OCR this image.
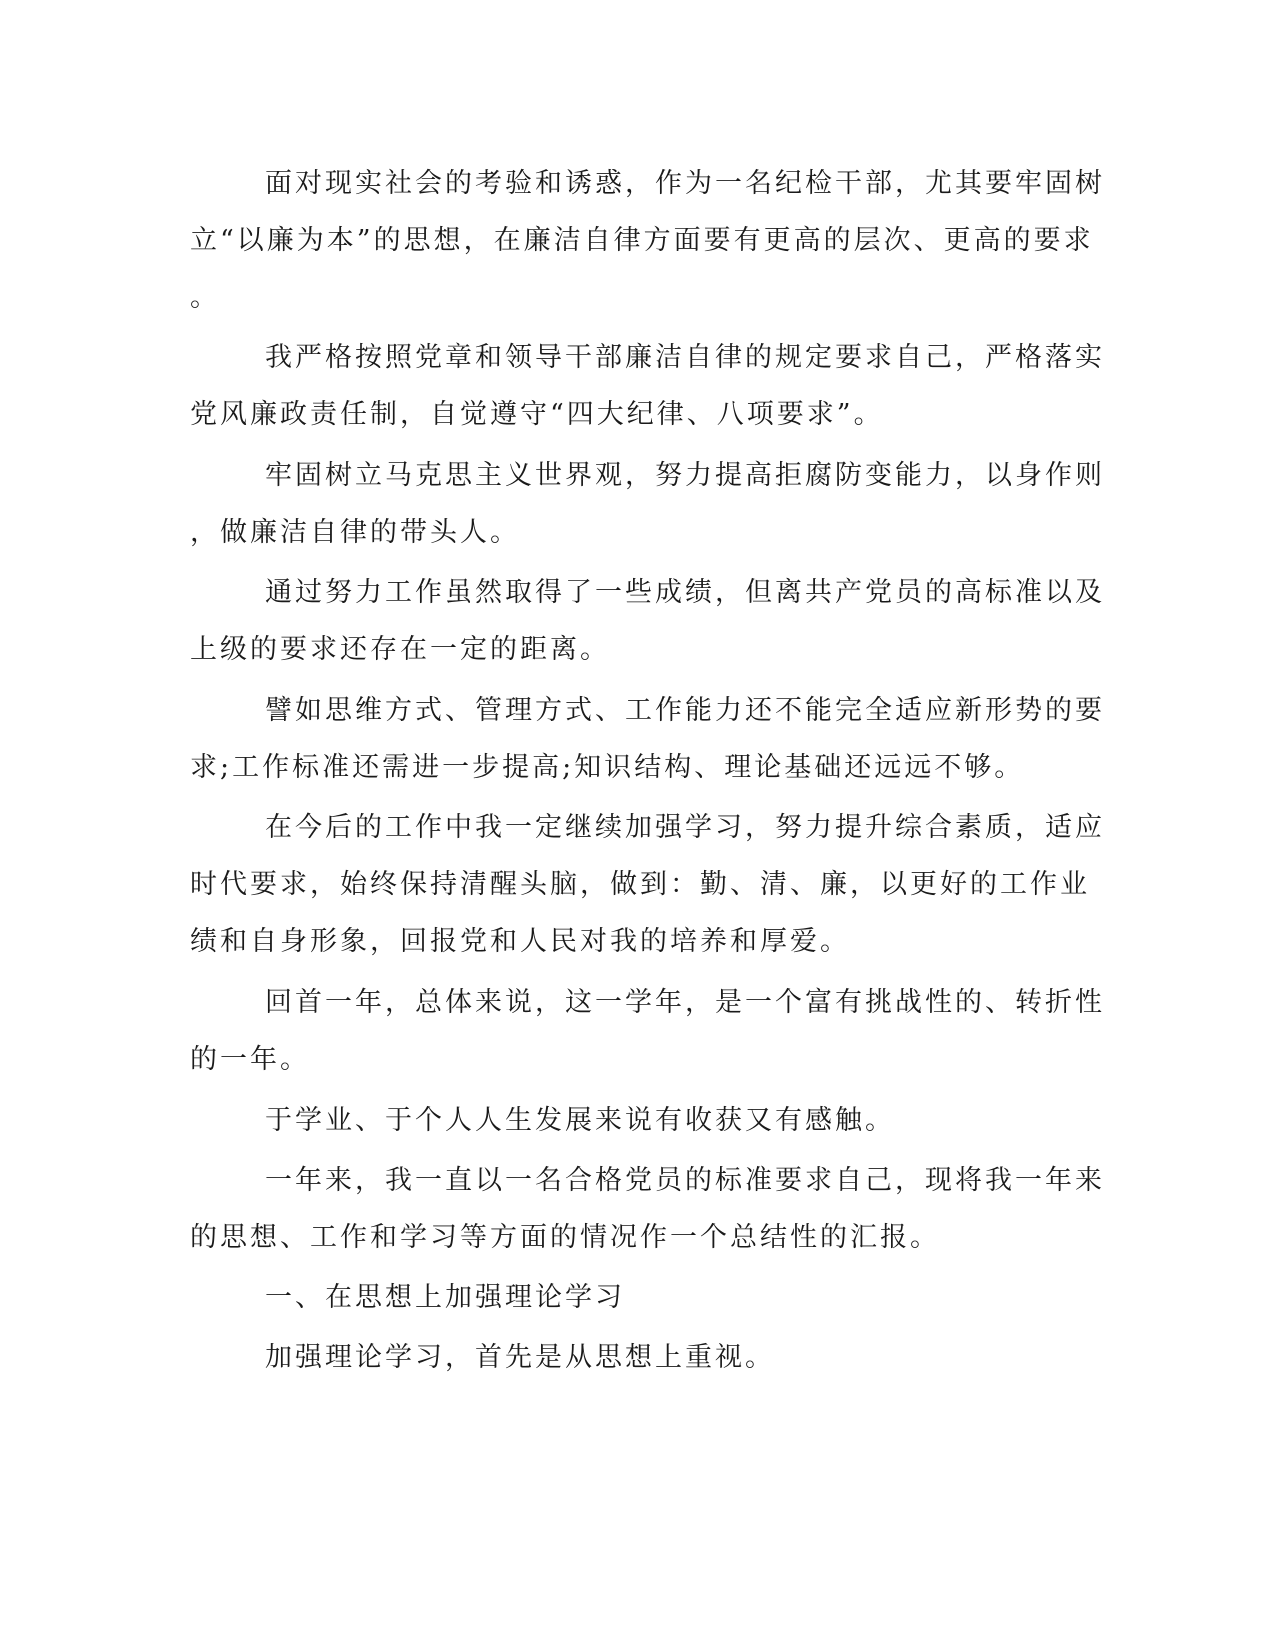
面对现实社会的考验和诱惑，作为一名纪检干部，尤其要牢固树
立“以廉为本”的思想，在廉洁自律方面要有更高的层次、更高的要求
。
我严格按照党章和领导干部廉洁自律的规定要求自己，严格落实
党风廉政责任制，自觉遵守“四大纪律、八项要求”。
牢固树立马克思主义世界观，努力提高拒腐防变能力，以身作则
，做廉洁自律的带头人。
通过努力工作虽然取得了一些成绩，但离共产党员的高标准以及
上级的要求还存在一定的距离。
譬如思维方式、管理方式、工作能力还不能完全适应新形势的要
求;工作标准还需进一步提高;知识结构、理论基础还远远不够。
在今后的工作中我一定继续加强学习，努力提升综合素质，适应
时代要求，始终保持清醒头脑，做到：勤、清、廉，以更好的工作业
绩和自身形象，回报党和人民对我的培养和厚爱。
回首一年，总体来说，这一学年，是一个富有挑战性的、转折性
的一年。
于学业、于个人人生发展来说有收获又有感触。
一年来，我一直以一名合格党员的标准要求自己，现将我一年来
的思想、工作和学习等方面的情况作一个总结性的汇报。
一、在思想上加强理论学习
加强理论学习，首先是从思想上重视。
